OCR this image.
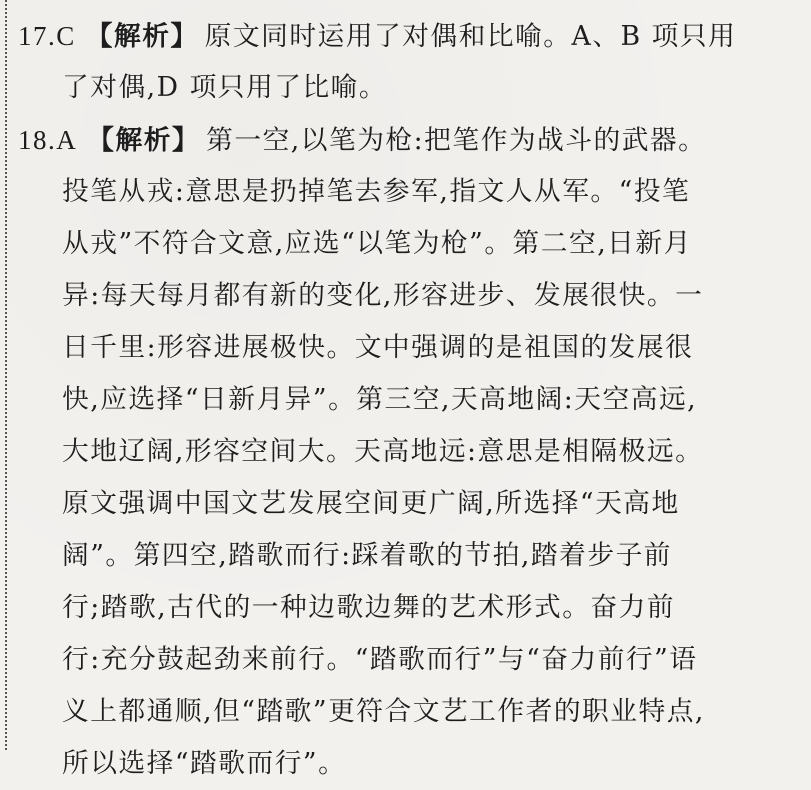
17.C 【解析】 原文同时运用了对偶和比喻。A、B 项只用
了对偶,D 项只用了比喻。
18.A 【解析】 第一空,以笔为枪:把笔作为战斗的武器。
投笔从戎:意思是扔掉笔去参军,指文人从军。“投笔
从戎”不符合文意,应选“以笔为枪”。第二空,日新月
异:每天每月都有新的变化,形容进步、发展很快。一
日千里:形容进展极快。文中强调的是祖国的发展很
快,应选择“日新月异”。第三空,天高地阔:天空高远,
大地辽阔,形容空间大。天高地远:意思是相隔极远。
原文强调中国文艺发展空间更广阔,所选择“天高地
阔”。第四空,踏歌而行:踩着歌的节拍,踏着步子前
行;踏歌,古代的一种边歌边舞的艺术形式。奋力前
行:充分鼓起劲来前行。“踏歌而行”与“奋力前行”语
义上都通顺,但“踏歌”更符合文艺工作者的职业特点,
所以选择“踏歌而行”。
